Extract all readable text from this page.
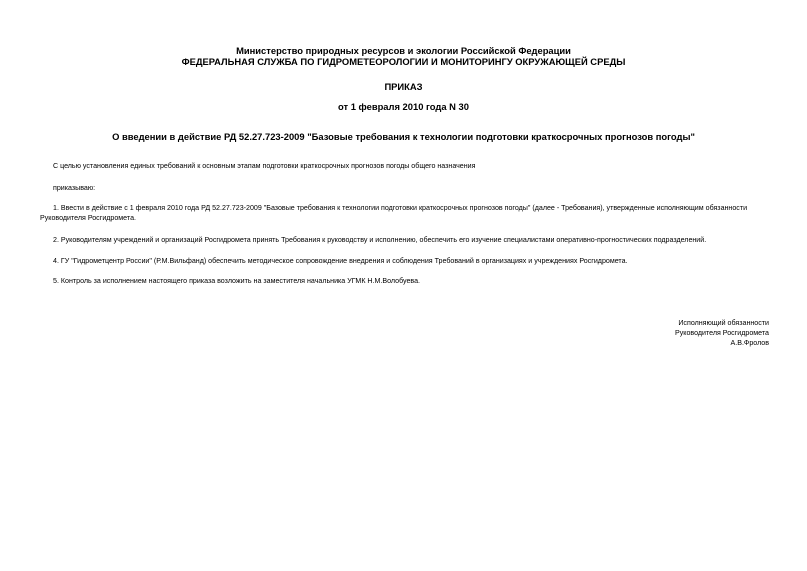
Министерство природных ресурсов и экологии Российской Федерации
ФЕДЕРАЛЬНАЯ СЛУЖБА ПО ГИДРОМЕТЕОРОЛОГИИ И МОНИТОРИНГУ ОКРУЖАЮЩЕЙ СРЕДЫ
ПРИКАЗ
от 1 февраля 2010 года N 30
О введении в действие РД 52.27.723-2009 "Базовые требования к технологии подготовки краткосрочных прогнозов погоды"

С целью установления единых требований к основным этапам подготовки краткосрочных прогнозов погоды общего назначения

приказываю:

1. Ввести в действие с 1 февраля 2010 года РД 52.27.723-2009 "Базовые требования к технологии подготовки краткосрочных прогнозов погоды" (далее - Требования), утвержденные исполняющим обязанности Руководителя Росгидромета.

2. Руководителям учреждений и организаций Росгидромета принять Требования к руководству и исполнению, обеспечить его изучение специалистами оперативно-прогностических подразделений.

4. ГУ "Гидрометцентр России" (Р.М.Вильфанд) обеспечить методическое сопровождение внедрения и соблюдения Требований в организациях и учреждениях Росгидромета.

5. Контроль за исполнением настоящего приказа возложить на заместителя начальника УГМК Н.М.Волобуева.

Исполняющий обязанности
Руководителя Росгидромета
А.В.Фролов
